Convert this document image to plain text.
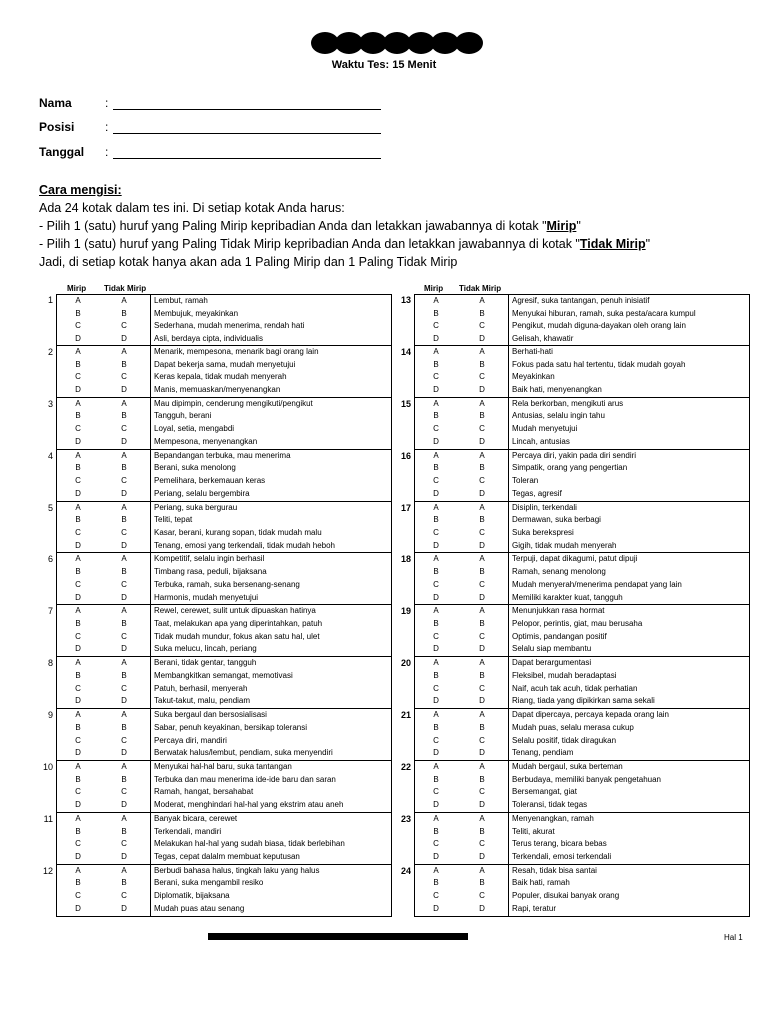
Waktu Tes: 15 Menit
Nama	:
Posisi	:
Tanggal	:

Cara mengisi:

Ada 24 kotak dalam tes ini. Di setiap kotak Anda harus:

- Pilih 1 (satu) huruf yang Paling Mirip kepribadian Anda dan letakkan jawabannya di kotak "Mirip"

- Pilih 1 (satu) huruf yang Paling Tidak Mirip kepribadian Anda dan letakkan jawabannya di kotak "Tidak Mirip"

Jadi, di setiap kotak hanya akan ada 1 Paling Mirip dan 1 Paling Tidak Mirip

Mirip Tidak Mirip	Mirip Tidak Mirip
1	A	A	Lembut, ramah
B	B	Membujuk, meyakinkan
C	C	Sederhana, mudah menerima, rendah hati
D	D	Asli, berdaya cipta, individualis
2	A	A	Menarik, mempesona, menarik bagi orang lain
B	B	Dapat bekerja sama, mudah menyetujui
C	C	Keras kepala, tidak mudah menyerah
D	D	Manis, memuaskan/menyenangkan
3	A	A	Mau dipimpin, cenderung mengikuti/pengikut
B	B	Tangguh, berani
C	C	Loyal, setia, mengabdi
D	D	Mempesona, menyenangkan
4	A	A	Bepandangan terbuka, mau menerima
B	B	Berani, suka menolong
C	C	Pemelihara, berkemauan keras
D	D	Periang, selalu bergembira
5	A	A	Periang, suka bergurau
B	B	Teliti, tepat
C	C	Kasar, berani, kurang sopan, tidak mudah malu
D	D	Tenang, emosi yang terkendali, tidak mudah heboh
6	A	A	Kompetitif, selalu ingin berhasil
B	B	Timbang rasa, peduli, bijaksana
C	C	Terbuka, ramah, suka bersenang-senang
D	D	Harmonis, mudah menyetujui
7	A	A	Rewel, cerewet, sulit untuk dipuaskan hatinya
B	B	Taat, melakukan apa yang diperintahkan, patuh
C	C	Tidak mudah mundur, fokus akan satu hal, ulet
D	D	Suka melucu, lincah, periang
8	A	A	Berani, tidak gentar, tangguh
B	B	Membangkitkan semangat, memotivasi
C	C	Patuh, berhasil, menyerah
D	D	Takut-takut, malu, pendiam
9	A	A	Suka bergaul dan bersosialisasi
B	B	Sabar, penuh keyakinan, bersikap toleransi
C	C	Percaya diri, mandiri
D	D	Berwatak halus/lembut, pendiam, suka menyendiri
10	A	A	Menyukai hal-hal baru, suka tantangan
B	B	Terbuka dan mau menerima ide-ide baru dan saran
C	C	Ramah, hangat, bersahabat
D	D	Moderat, menghindari hal-hal yang ekstrim atau aneh
11	A	A	Banyak bicara, cerewet
B	B	Terkendali, mandiri
C	C	Melakukan hal-hal yang sudah biasa, tidak berlebihan
D	D	Tegas, cepat dalalm membuat keputusan
12	A	A	Berbudi bahasa halus, tingkah laku yang halus
B	B	Berani, suka mengambil resiko
C	C	Diplomatik, bijaksana
D	D	Mudah puas atau senang
13	A	A	Agresif, suka tantangan, penuh inisiatif
B	B	Menyukai hiburan, ramah, suka pesta/acara kumpul
C	C	Pengikut, mudah diguna-dayakan oleh orang lain
D	D	Gelisah, khawatir
14	A	A	Berhati-hati
B	B	Fokus pada satu hal tertentu, tidak mudah goyah
C	C	Meyakinkan
D	D	Baik hati, menyenangkan
15	A	A	Rela berkorban, mengikuti arus
B	B	Antusias, selalu ingin tahu
C	C	Mudah menyetujui
D	D	Lincah, antusias
16	A	A	Percaya diri, yakin pada diri sendiri
B	B	Simpatik, orang yang pengertian
C	C	Toleran
D	D	Tegas, agresif
17	A	A	Disiplin, terkendali
B	B	Dermawan, suka berbagi
C	C	Suka berekspresi
D	D	Gigih, tidak mudah menyerah
18	A	A	Terpuji, dapat dikagumi, patut dipuji
B	B	Ramah, senang menolong
C	C	Mudah menyerah/menerima pendapat yang lain
D	D	Memiliki karakter kuat, tangguh
19	A	A	Menunjukkan rasa hormat
B	B	Pelopor, perintis, giat, mau berusaha
C	C	Optimis, pandangan positif
D	D	Selalu siap membantu
20	A	A	Dapat berargumentasi
B	B	Fleksibel, mudah beradaptasi
C	C	Naif, acuh tak acuh, tidak perhatian
D	D	Riang, tiada yang dipikirkan sama sekali
21	A	A	Dapat dipercaya, percaya kepada orang lain
B	B	Mudah puas, selalu merasa cukup
C	C	Selalu positif, tidak diragukan
D	D	Tenang, pendiam
22	A	A	Mudah bergaul, suka berteman
B	B	Berbudaya, memiliki banyak pengetahuan
C	C	Bersemangat, giat
D	D	Toleransi, tidak tegas
23	A	A	Menyenangkan, ramah
B	B	Teliti, akurat
C	C	Terus terang, bicara bebas
D	D	Terkendali, emosi terkendali
24	A	A	Resah, tidak bisa santai
B	B	Baik hati, ramah
C	C	Populer, disukai banyak orang
D	D	Rapi, teratur
Hal 1
